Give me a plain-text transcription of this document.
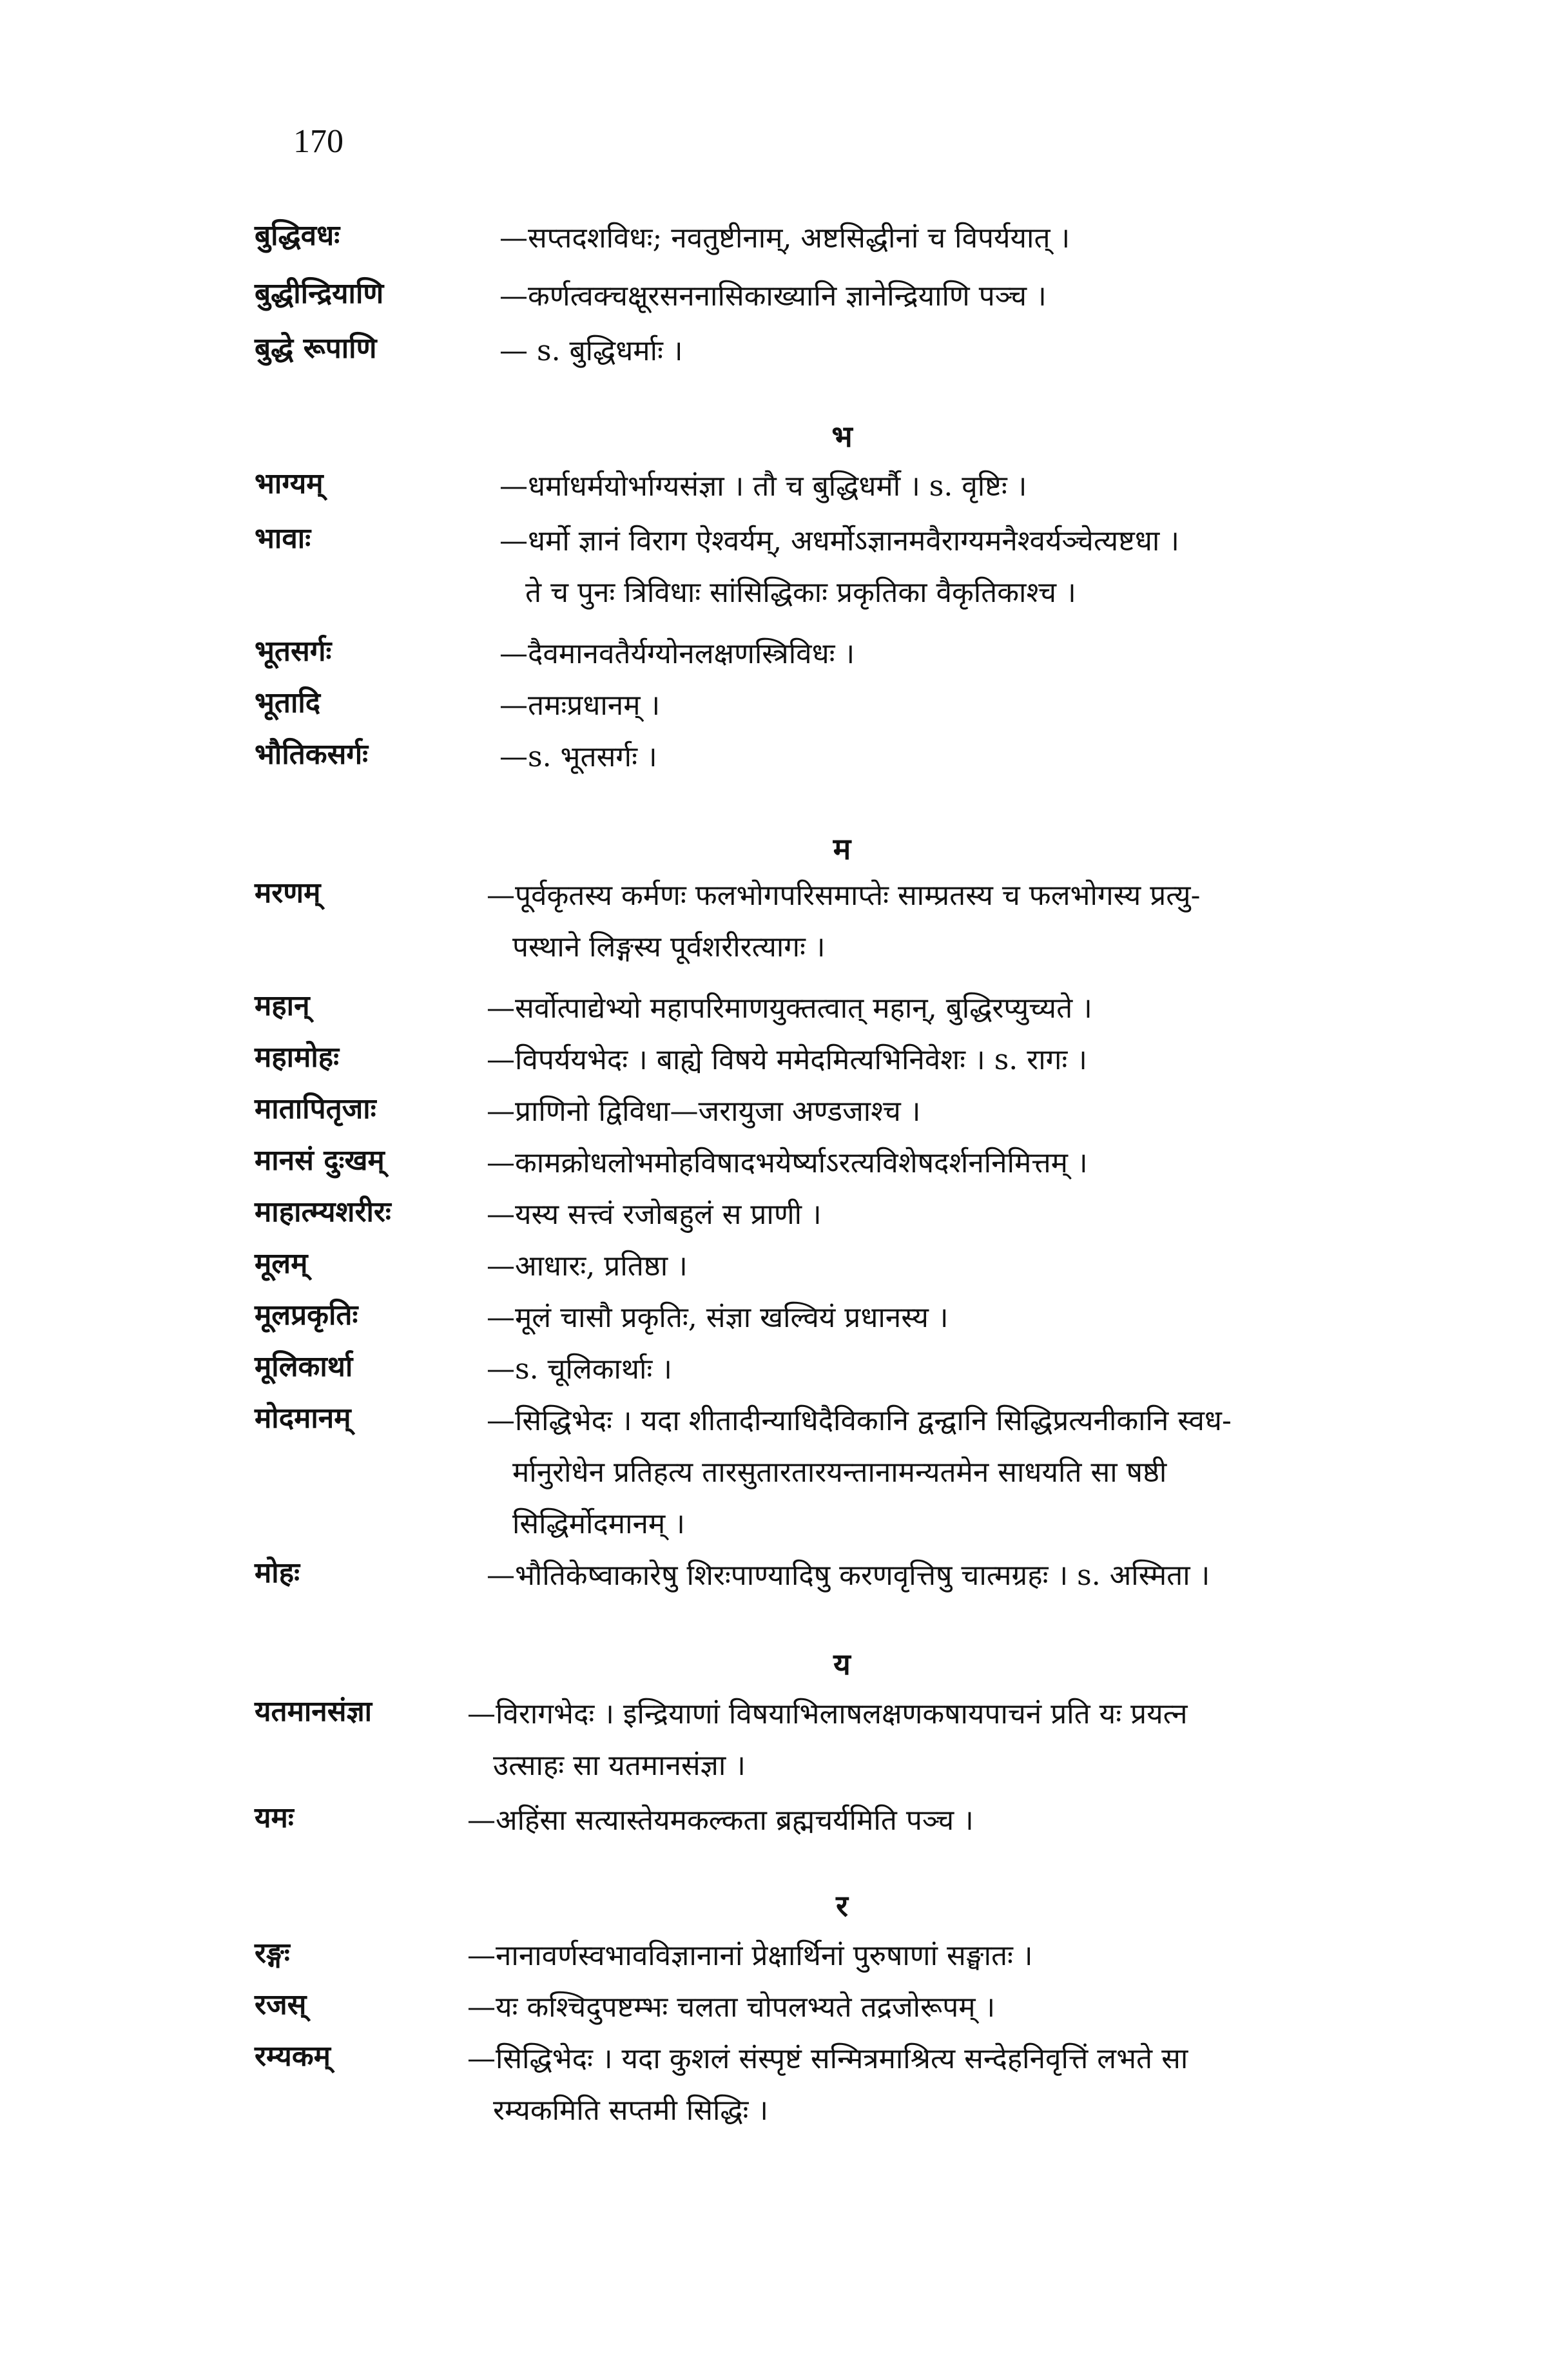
170
बुद्धिवधः	—सप्तदशविधः; नवतुष्टीनाम्, अष्टसिद्धीनां च विपर्ययात् ।
बुद्धीन्द्रियाणि	—कर्णत्वक्चक्षूरसननासिकाख्यानि ज्ञानेन्द्रियाणि पञ्च ।
बुद्धे रूपाणि	— s. बुद्धिधर्माः ।
भ
भाग्यम्	—धर्माधर्मयोर्भाग्यसंज्ञा । तौ च बुद्धिधर्मौ । s. वृष्टिः ।
भावाः	—धर्मो ज्ञानं विराग ऐश्वर्यम्, अधर्मोऽज्ञानमवैराग्यमनैश्वर्यञ्चेत्यष्टधा ।
ते च पुनः त्रिविधाः सांसिद्धिकाः प्रकृतिका वैकृतिकाश्च ।
भूतसर्गः	—दैवमानवतैर्यग्योनलक्षणस्त्रिविधः ।
भूतादि	—तमःप्रधानम् ।
भौतिकसर्गः	—s. भूतसर्गः ।
म
मरणम्	—पूर्वकृतस्य कर्मणः फलभोगपरिसमाप्तेः साम्प्रतस्य च फलभोगस्य प्रत्यु-
पस्थाने लिङ्गस्य पूर्वशरीरत्यागः ।
महान्	—सर्वोत्पाद्येभ्यो महापरिमाणयुक्तत्वात् महान्, बुद्धिरप्युच्यते ।
महामोहः	—विपर्ययभेदः । बाह्ये विषये ममेदमित्यभिनिवेशः । s. रागः ।
मातापितृजाः	—प्राणिनो द्विविधा—जरायुजा अण्डजाश्च ।
मानसं दुःखम्	—कामक्रोधलोभमोहविषादभयेर्ष्याऽरत्यविशेषदर्शननिमित्तम् ।
माहात्म्यशरीरः	—यस्य सत्त्वं रजोबहुलं स प्राणी ।
मूलम्	—आधारः, प्रतिष्ठा ।
मूलप्रकृतिः	—मूलं चासौ प्रकृतिः, संज्ञा खल्वियं प्रधानस्य ।
मूलिकार्था	—s. चूलिकार्थाः ।
मोदमानम्	—सिद्धिभेदः । यदा शीतादीन्याधिदैविकानि द्वन्द्वानि सिद्धिप्रत्यनीकानि स्वध-
र्मानुरोधेन प्रतिहत्य तारसुतारतारयन्तानामन्यतमेन साधयति सा षष्ठी
सिद्धिर्मोदमानम् ।
मोहः	—भौतिकेष्वाकारेषु शिरःपाण्यादिषु करणवृत्तिषु चात्मग्रहः । s. अस्मिता ।
य
यतमानसंज्ञा	—विरागभेदः । इन्द्रियाणां विषयाभिलाषलक्षणकषायपाचनं प्रति यः प्रयत्न
उत्साहः सा यतमानसंज्ञा ।
यमः	—अहिंसा सत्यास्तेयमकल्कता ब्रह्मचर्यमिति पञ्च ।
र
रङ्गः	—नानावर्णस्वभावविज्ञानानां प्रेक्षार्थिनां पुरुषाणां सङ्घातः ।
रजस्	—यः कश्चिदुपष्टम्भः चलता चोपलभ्यते तद्रजोरूपम् ।
रम्यकम्	—सिद्धिभेदः । यदा कुशलं संस्पृष्टं सन्मित्रमाश्रित्य सन्देहनिवृत्तिं लभते सा
रम्यकमिति सप्तमी सिद्धिः ।
